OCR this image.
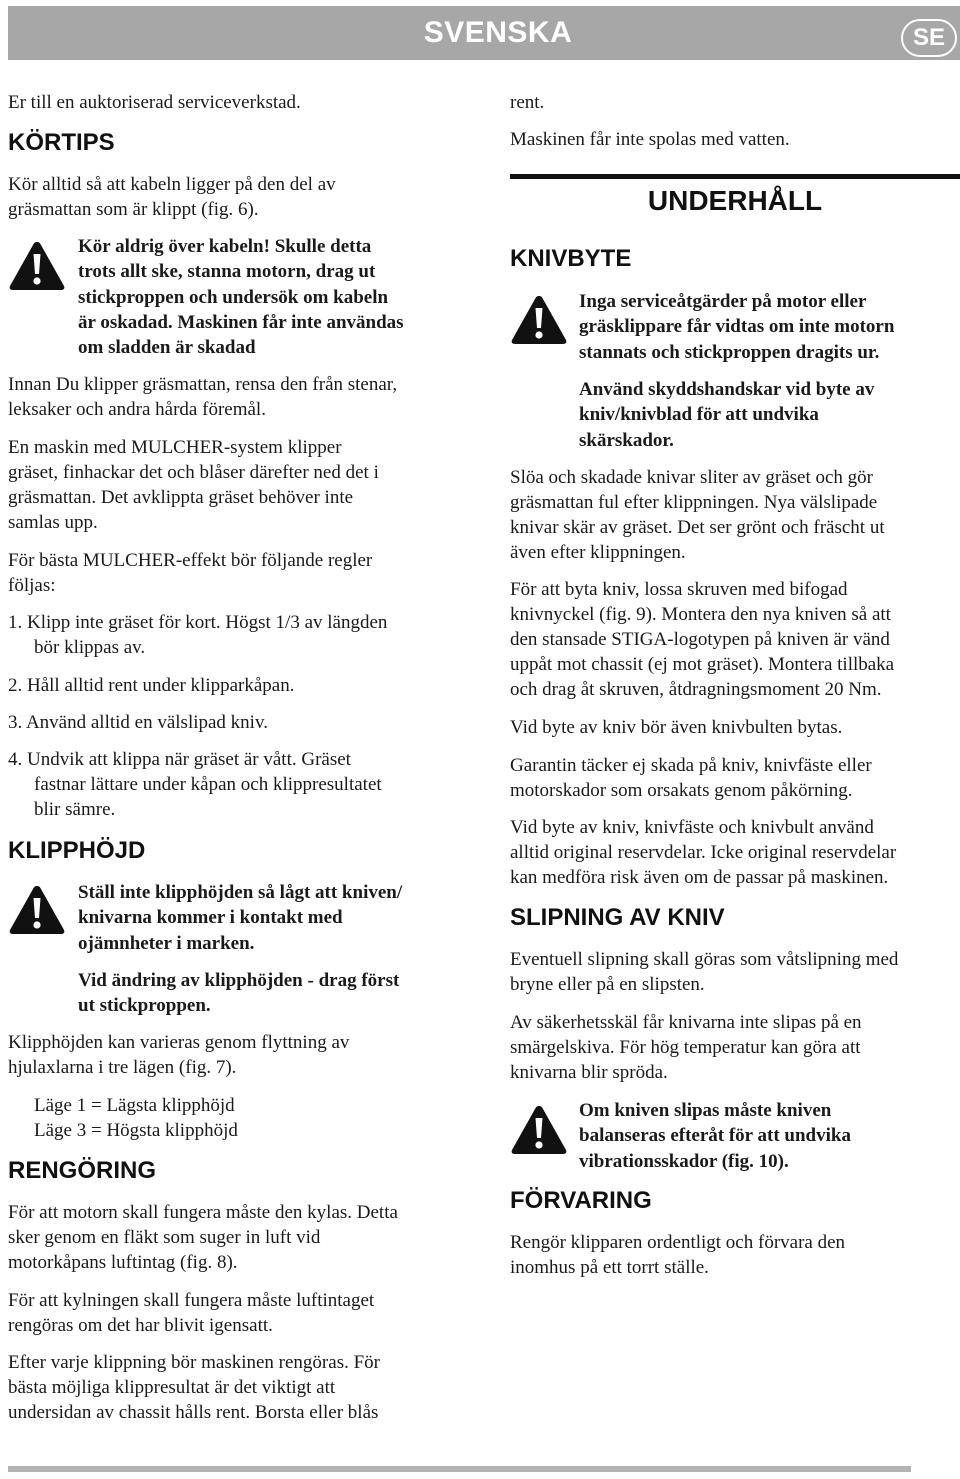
SVENSKA	SE
Er till en auktoriserad serviceverkstad.
KÖRTIPS
Kör alltid så att kabeln ligger på den del av
gräsmattan som är klippt (fig. 6).
Kör aldrig över kabeln! Skulle detta
trots allt ske, stanna motorn, drag ut
stickproppen och undersök om kabeln
är oskadad. Maskinen får inte användas
om sladden är skadad
Innan Du klipper gräsmattan, rensa den från stenar,
leksaker och andra hårda föremål.
En maskin med MULCHER-system klipper
gräset, finhackar det och blåser därefter ned det i
gräsmattan. Det avklippta gräset behöver inte
samlas upp.
För bästa MULCHER-effekt bör följande regler
följas:
1. Klipp inte gräset för kort. Högst 1/3 av längden
bör klippas av.
2. Håll alltid rent under klipparkåpan.
3. Använd alltid en välslipad kniv.
4. Undvik att klippa när gräset är vått. Gräset
fastnar lättare under kåpan och klippresultatet
blir sämre.
KLIPPHÖJD
Ställ inte klipphöjden så lågt att kniven/
knivarna kommer i kontakt med
ojämnheter i marken.
Vid ändring av klipphöjden - drag först
ut stickproppen.
Klipphöjden kan varieras genom flyttning av
hjulaxlarna i tre lägen (fig. 7).
Läge 1 = Lägsta klipphöjd
Läge 3 = Högsta klipphöjd
RENGÖRING
För att motorn skall fungera måste den kylas. Detta
sker genom en fläkt som suger in luft vid
motorkåpans luftintag (fig. 8).
För att kylningen skall fungera måste luftintaget
rengöras om det har blivit igensatt.
Efter varje klippning bör maskinen rengöras. För
bästa möjliga klippresultat är det viktigt att
undersidan av chassit hålls rent. Borsta eller blås
rent.
Maskinen får inte spolas med vatten.
UNDERHÅLL
KNIVBYTE
Inga serviceåtgärder på motor eller
gräsklippare får vidtas om inte motorn
stannats och stickproppen dragits ur.
Använd skyddshandskar vid byte av
kniv/knivblad för att undvika
skärskador.
Slöa och skadade knivar sliter av gräset och gör
gräsmattan ful efter klippningen. Nya välslipade
knivar skär av gräset. Det ser grönt och fräscht ut
även efter klippningen.
För att byta kniv, lossa skruven med bifogad
knivnyckel (fig. 9). Montera den nya kniven så att
den stansade STIGA-logotypen på kniven är vänd
uppåt mot chassit (ej mot gräset). Montera tillbaka
och drag åt skruven, åtdragningsmoment 20 Nm.
Vid byte av kniv bör även knivbulten bytas.
Garantin täcker ej skada på kniv, knivfäste eller
motorskador som orsakats genom påkörning.
Vid byte av kniv, knivfäste och knivbult använd
alltid original reservdelar. Icke original reservdelar
kan medföra risk även om de passar på maskinen.
SLIPNING AV KNIV
Eventuell slipning skall göras som våtslipning med
bryne eller på en slipsten.
Av säkerhetsskäl får knivarna inte slipas på en
smärgelskiva. För hög temperatur kan göra att
knivarna blir spröda.
Om kniven slipas måste kniven
balanseras efteråt för att undvika
vibrationsskador (fig. 10).
FÖRVARING
Rengör klipparen ordentligt och förvara den
inomhus på ett torrt ställe.
